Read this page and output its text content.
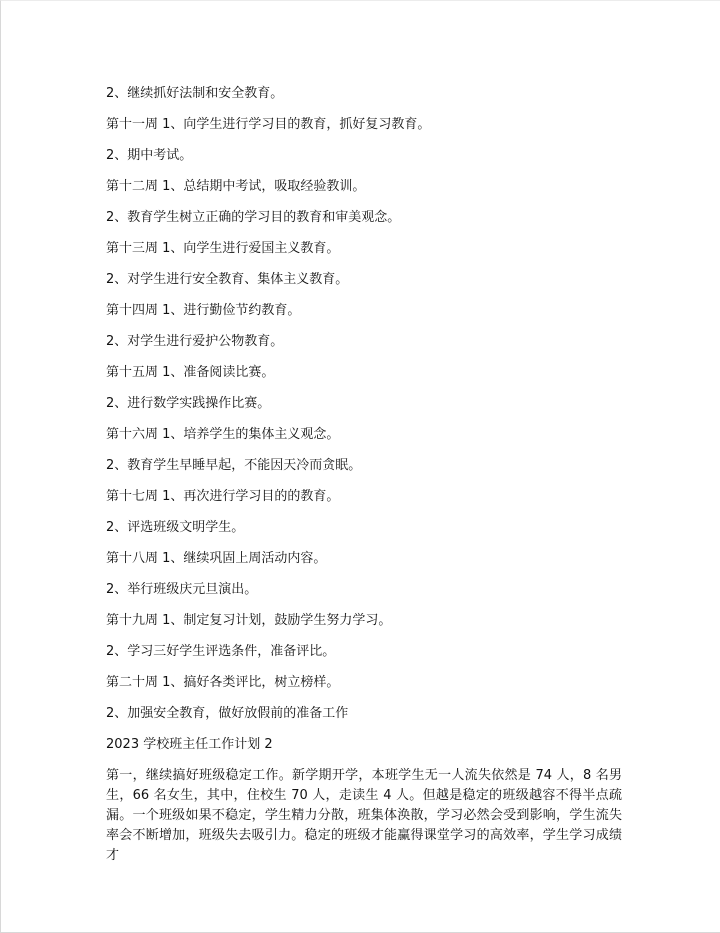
2、继续抓好法制和安全教育。
第十一周 1、向学生进行学习目的教育，抓好复习教育。
2、期中考试。
第十二周 1、总结期中考试，吸取经验教训。
2、教育学生树立正确的学习目的教育和审美观念。
第十三周 1、向学生进行爱国主义教育。
2、对学生进行安全教育、集体主义教育。
第十四周 1、进行勤俭节约教育。
2、对学生进行爱护公物教育。
第十五周 1、准备阅读比赛。
2、进行数学实践操作比赛。
第十六周 1、培养学生的集体主义观念。
2、教育学生早睡早起，不能因天冷而贪眠。
第十七周 1、再次进行学习目的的教育。
2、评选班级文明学生。
第十八周 1、继续巩固上周活动内容。
2、举行班级庆元旦演出。
第十九周 1、制定复习计划，鼓励学生努力学习。
2、学习三好学生评选条件，准备评比。
第二十周 1、搞好各类评比，树立榜样。
2、加强安全教育，做好放假前的准备工作
2023 学校班主任工作计划 2

第一，继续搞好班级稳定工作。新学期开学，本班学生无一人流失依然是 74 人，8 名男生，66 名女生，其中，住校生 70 人，走读生 4 人。但越是稳定的班级越容不得半点疏漏。一个班级如果不稳定，学生精力分散，班集体涣散，学习必然会受到影响，学生流失率会不断增加，班级失去吸引力。稳定的班级才能赢得课堂学习的高效率，学生学习成绩才
